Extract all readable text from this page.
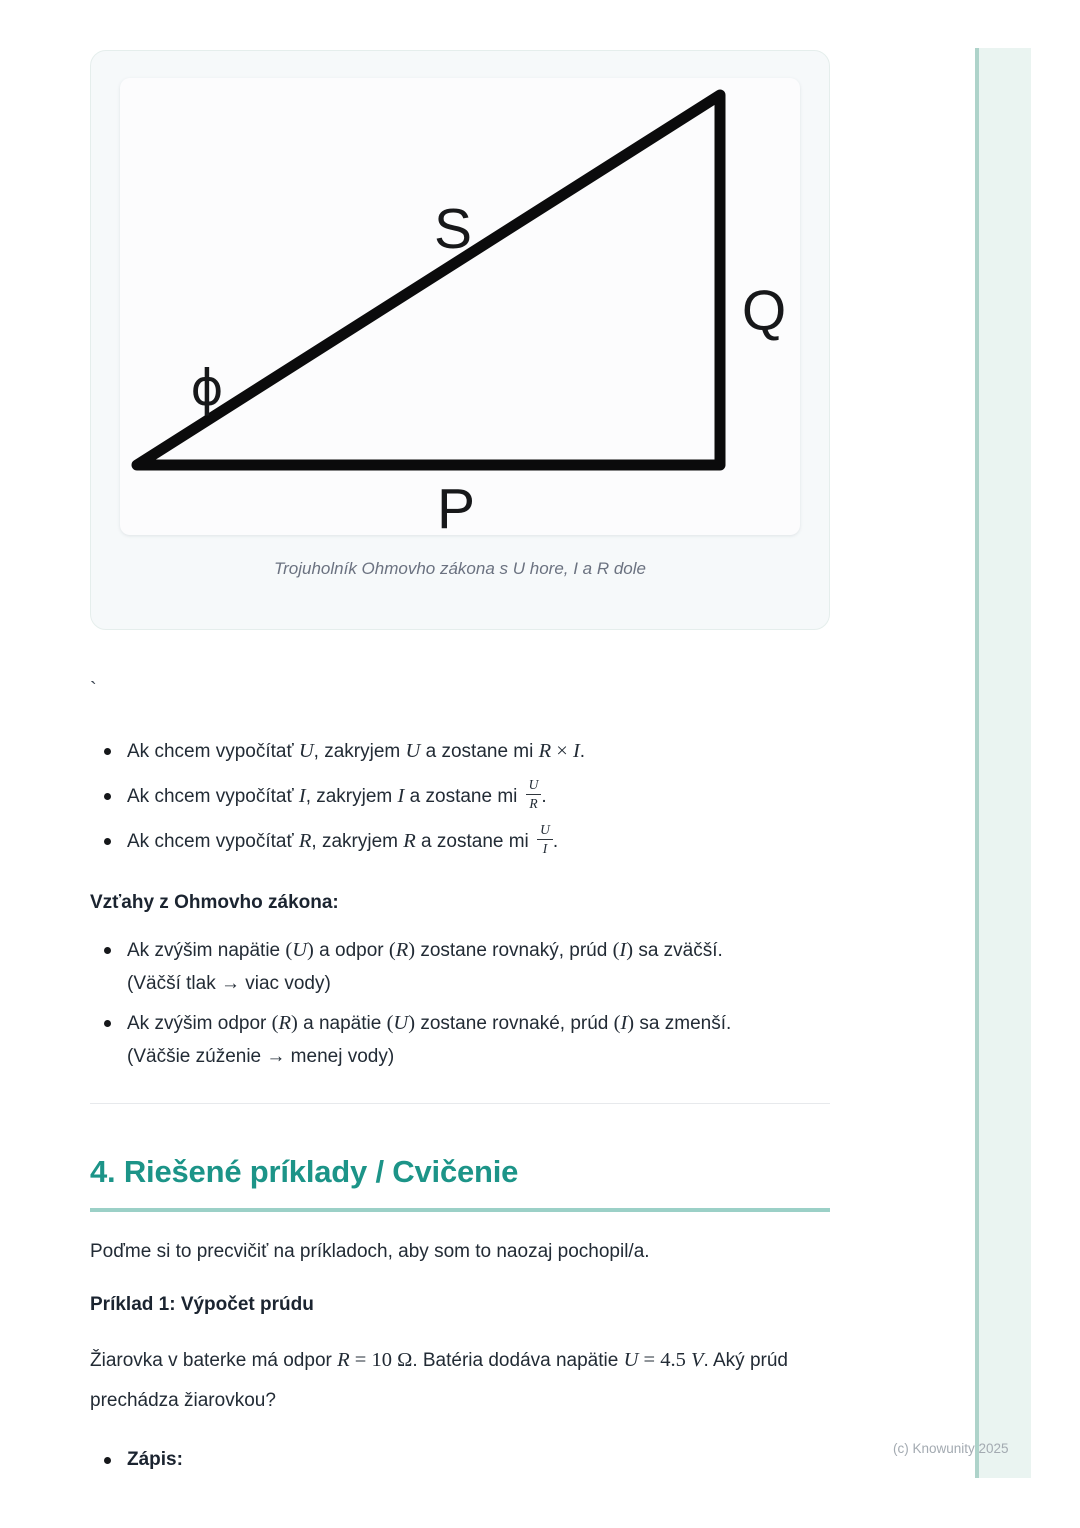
(c) Knowunity 2025
S
Q
ϕ
P
Trojuholník Ohmovho zákona s U hore, I a R dole
`
Ak chcem vypočítať U, zakryjem U a zostane mi R × I.
Ak chcem vypočítať I, zakryjem I a zostane mi $\frac{U}{R}$ .
Ak chcem vypočítať R, zakryjem R a zostane mi $\frac{U}{I}$ .

Vzťahy z Ohmovho zákona:

Ak zvýšim napätie (U) a odpor (R) zostane rovnaký, prúd (I) sa zväčší.
(Väčší tlak → viac vody)
Ak zvýšim odpor (R) a napätie (U) zostane rovnaké, prúd (I) sa zmenší.
(Väčšie zúženie → menej vody)
4. Riešené príklady / Cvičenie

Poďme si to precvičiť na príkladoch, aby som to naozaj pochopil/a.

Príklad 1: Výpočet prúdu

Žiarovka v baterke má odpor R = 10 Ω. Batéria dodáva napätie U = 4.5 V. Aký prúd prechádza žiarovkou?

Zápis:
